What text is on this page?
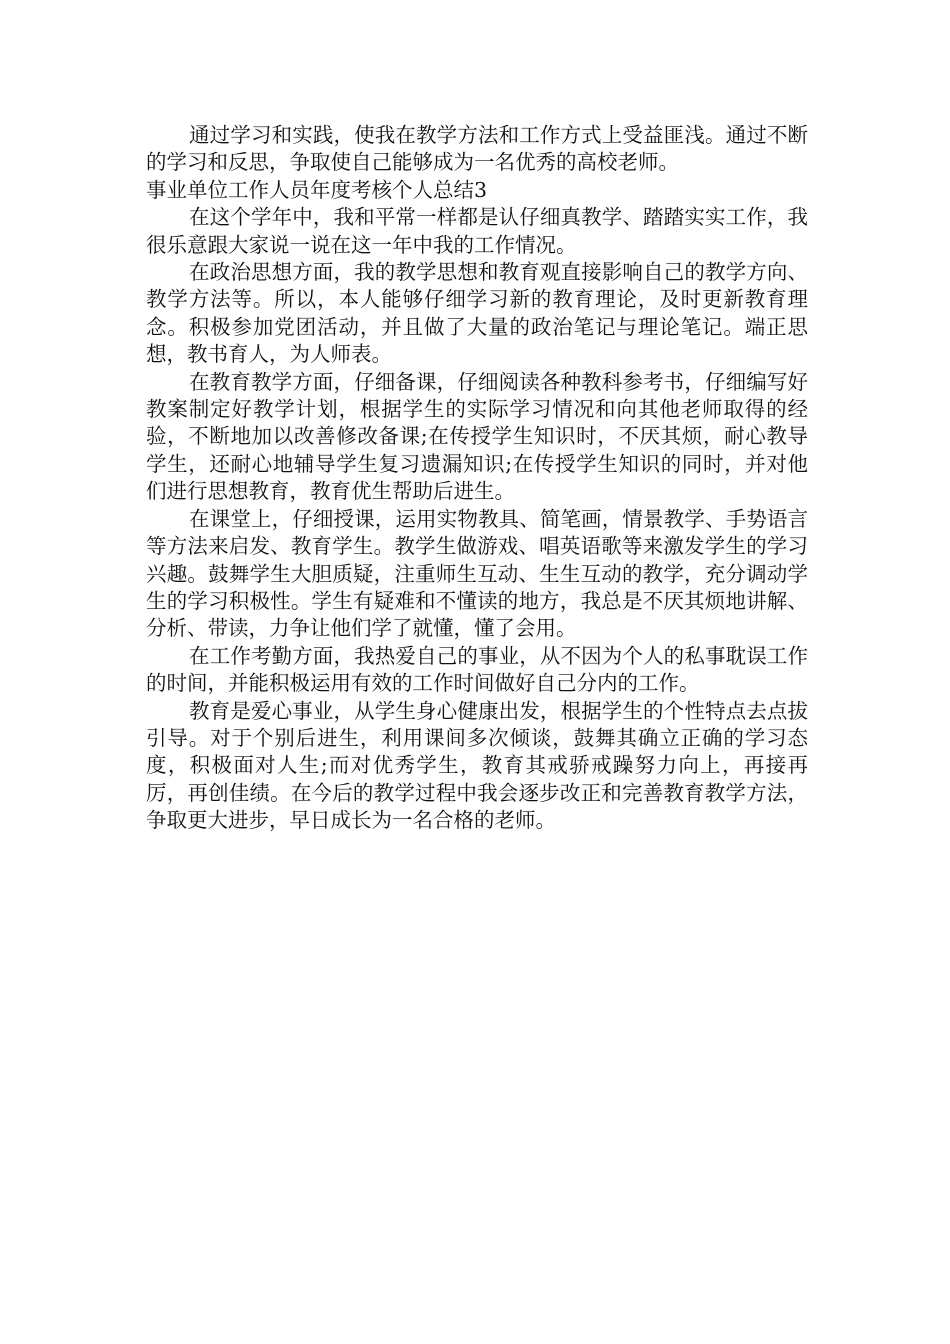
通过学习和实践，使我在教学方法和工作方式上受益匪浅。通过不断的学习和反思，争取使自己能够成为一名优秀的高校老师。

事业单位工作人员年度考核个人总结3

在这个学年中，我和平常一样都是认仔细真教学、踏踏实实工作，我很乐意跟大家说一说在这一年中我的工作情况。

在政治思想方面，我的教学思想和教育观直接影响自己的教学方向、教学方法等。所以，本人能够仔细学习新的教育理论，及时更新教育理念。积极参加党团活动，并且做了大量的政治笔记与理论笔记。端正思想，教书育人，为人师表。

在教育教学方面，仔细备课，仔细阅读各种教科参考书，仔细编写好教案制定好教学计划，根据学生的实际学习情况和向其他老师取得的经验，不断地加以改善修改备课;在传授学生知识时，不厌其烦，耐心教导学生，还耐心地辅导学生复习遗漏知识;在传授学生知识的同时，并对他们进行思想教育，教育优生帮助后进生。

在课堂上，仔细授课，运用实物教具、简笔画，情景教学、手势语言等方法来启发、教育学生。教学生做游戏、唱英语歌等来激发学生的学习兴趣。鼓舞学生大胆质疑，注重师生互动、生生互动的教学，充分调动学生的学习积极性。学生有疑难和不懂读的地方，我总是不厌其烦地讲解、分析、带读，力争让他们学了就懂，懂了会用。

在工作考勤方面，我热爱自己的事业，从不因为个人的私事耽误工作的时间，并能积极运用有效的工作时间做好自己分内的工作。

教育是爱心事业，从学生身心健康出发，根据学生的个性特点去点拔引导。对于个别后进生，利用课间多次倾谈，鼓舞其确立正确的学习态度，积极面对人生;而对优秀学生，教育其戒骄戒躁努力向上，再接再厉，再创佳绩。在今后的教学过程中我会逐步改正和完善教育教学方法，争取更大进步，早日成长为一名合格的老师。
